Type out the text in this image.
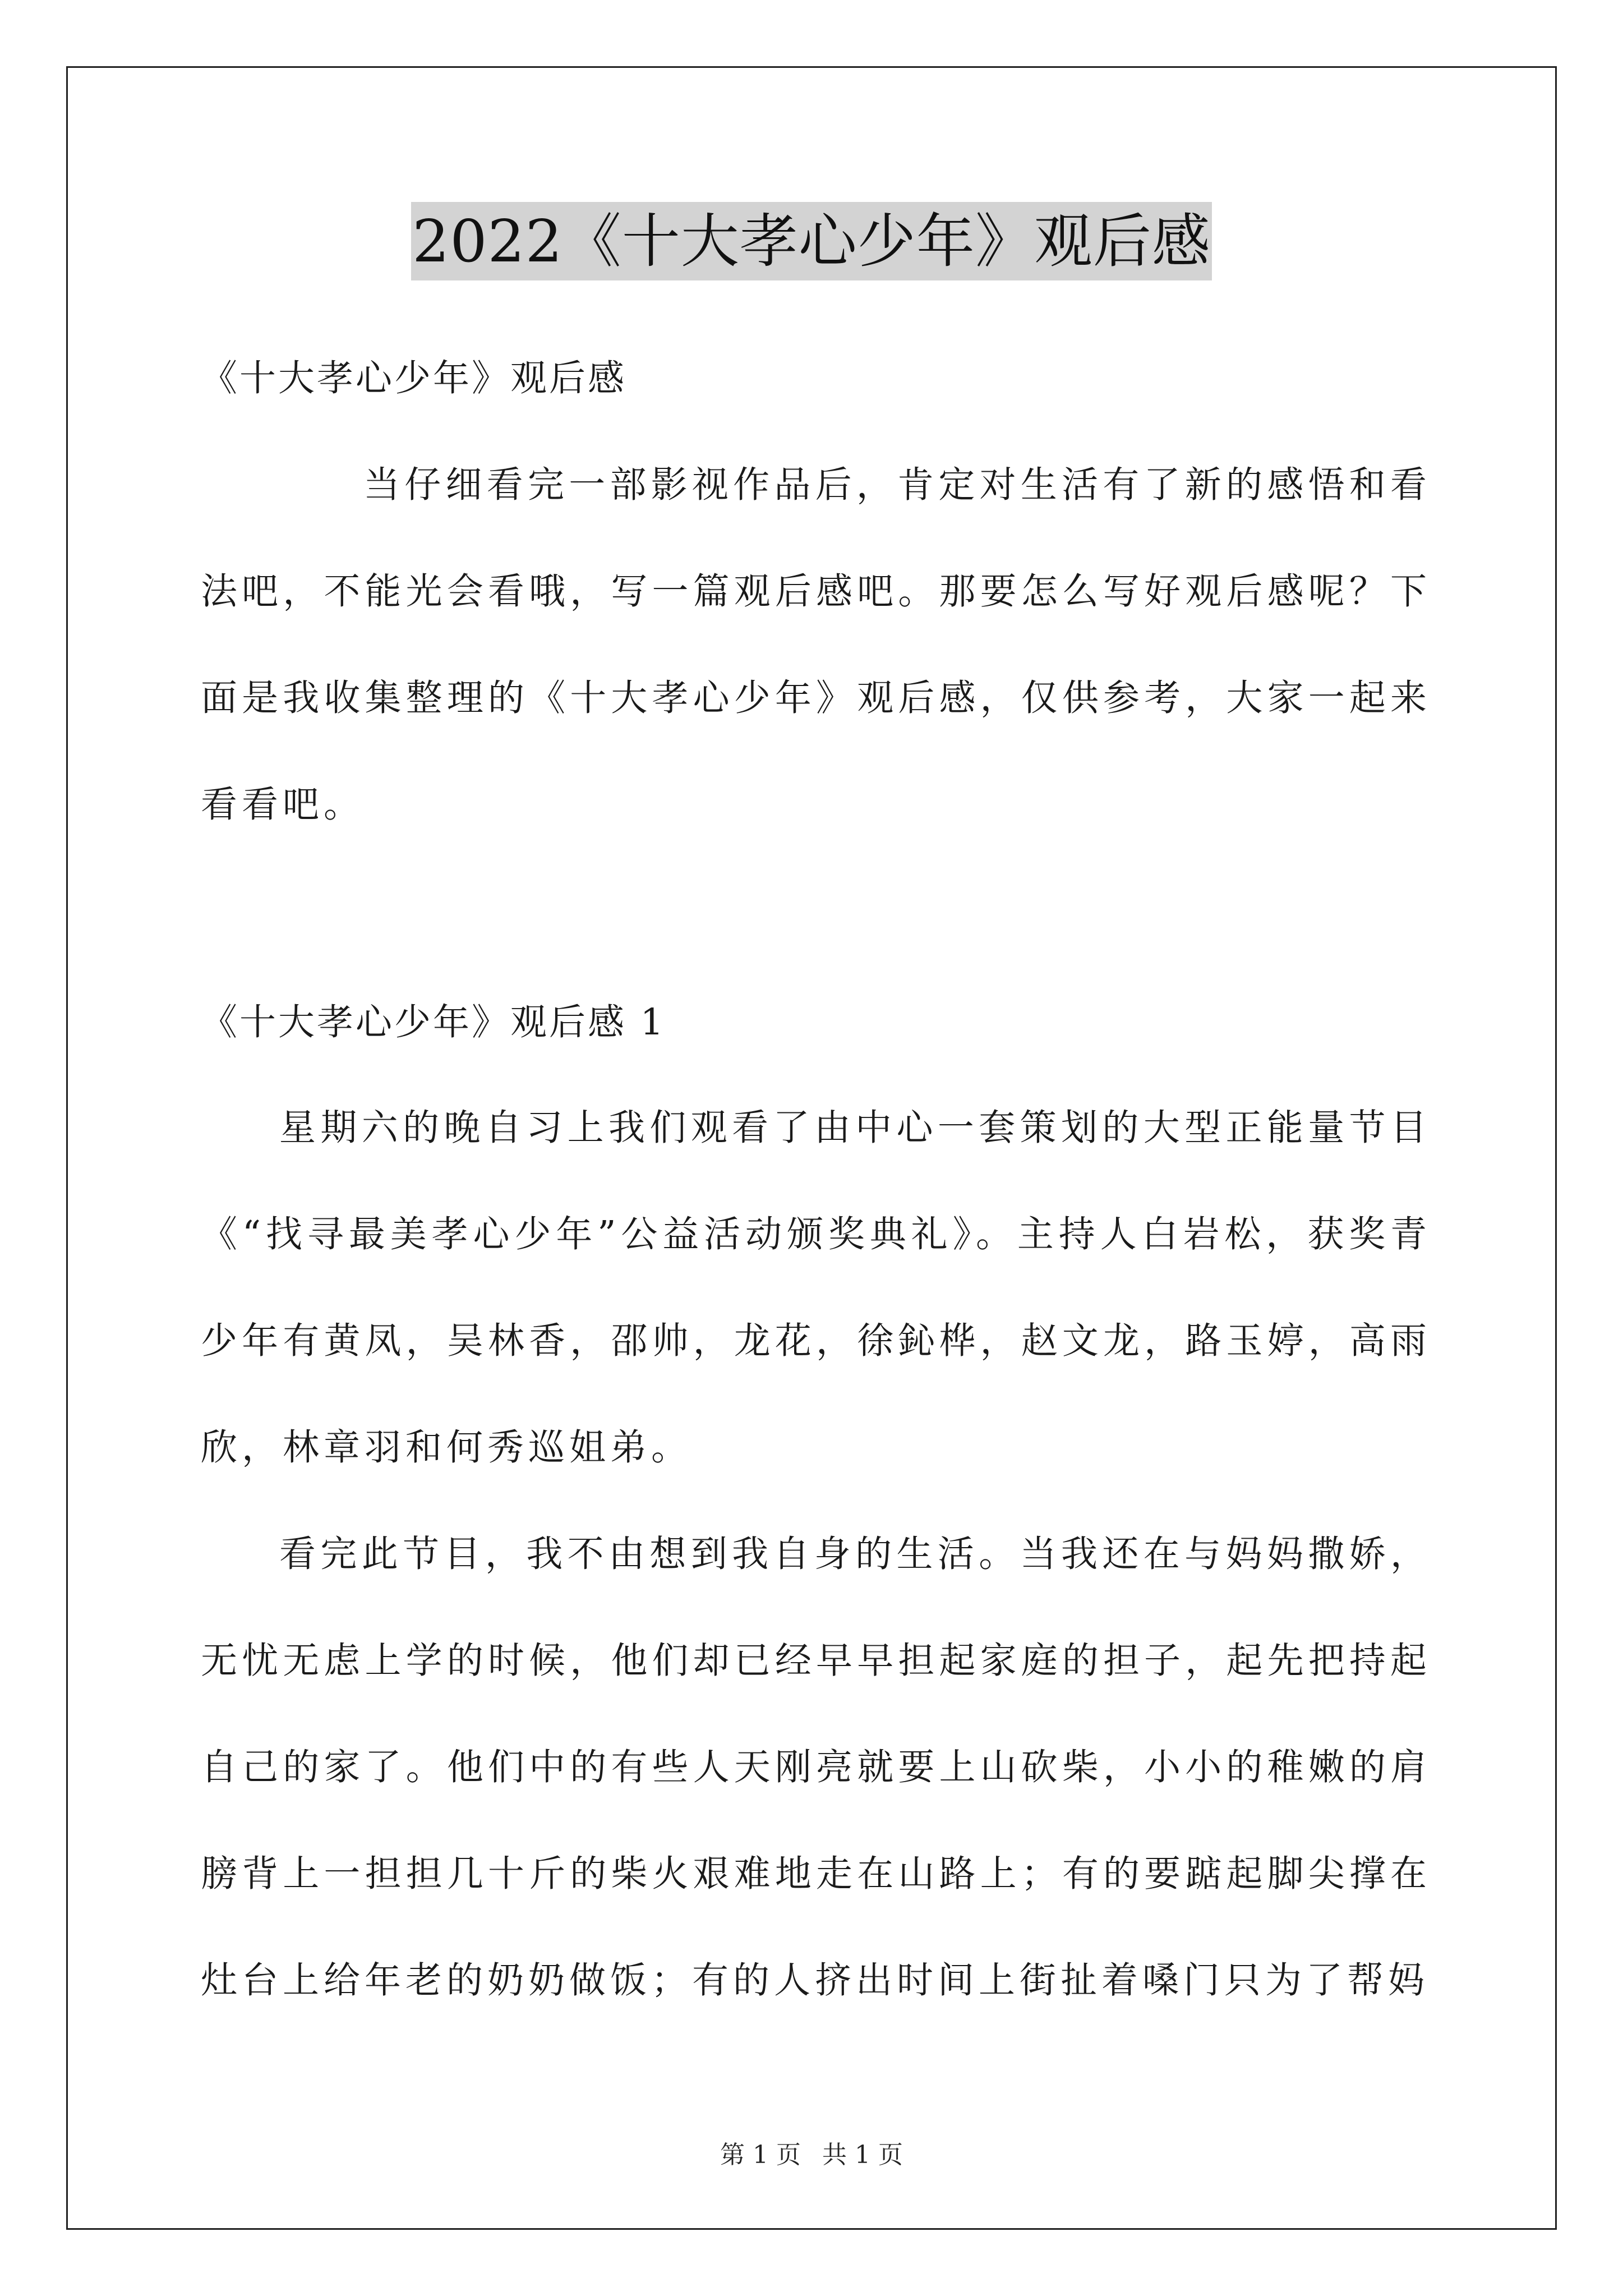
2022《十大孝心少年》观后感
《十大孝心少年》观后感

当仔细看完一部影视作品后，肯定对生活有了新的感悟和看法吧，不能光会看哦，写一篇观后感吧。那要怎么写好观后感呢？下面是我收集整理的《十大孝心少年》观后感，仅供参考，大家一起来看看吧。

《十大孝心少年》观后感 1

星期六的晚自习上我们观看了由中心一套策划的大型正能量节目《“找寻最美孝心少年”公益活动颁奖典礼》。主持人白岩松，获奖青少年有黄凤，吴林香，邵帅，龙花，徐鈊桦，赵文龙，路玉婷，高雨欣，林章羽和何秀巡姐弟。

看完此节目，我不由想到我自身的生活。当我还在与妈妈撒娇，无忧无虑上学的时候，他们却已经早早担起家庭的担子，起先把持起自己的家了。他们中的有些人天刚亮就要上山砍柴，小小的稚嫩的肩膀背上一担担几十斤的柴火艰难地走在山路上；有的要踮起脚尖撑在灶台上给年老的奶奶做饭；有的人挤出时间上街扯着嗓门只为了帮妈

第 1 页 共 1 页
